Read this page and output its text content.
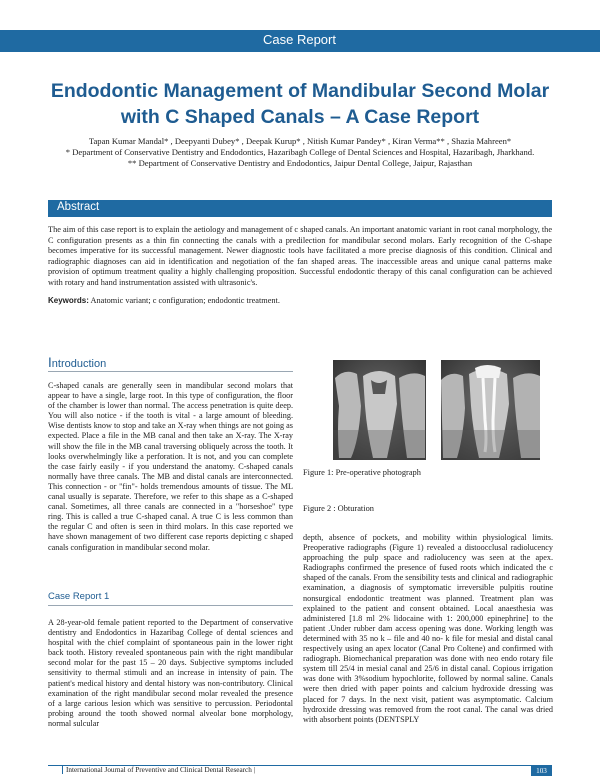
Case Report
Endodontic Management of Mandibular Second Molar with C Shaped Canals – A Case Report
Tapan Kumar Mandal* , Deepyanti Dubey* , Deepak Kurup* , Nitish Kumar Pandey* , Kiran Verma** , Shazia Mahreen*
* Department of Conservative Dentistry and Endodontics, Hazaribagh College of Dental Sciences and Hospital, Hazaribagh, Jharkhand.
** Department of Conservative Dentistry and Endodontics, Jaipur Dental College, Jaipur, Rajasthan
Abstract

The aim of this case report is to explain the aetiology and management of c shaped canals. An important anatomic variant in root canal morphology, the C configuration presents as a thin fin connecting the canals with a predilection for mandibular second molars. Early recognition of the C-shape becomes imperative for its successful management. Newer diagnostic tools have facilitated a more precise diagnosis of this condition. Clinical and radiographic diagnoses can aid in identification and negotiation of the fan shaped areas. The inaccessible areas and unique canal patterns make provision of optimum treatment quality a highly challenging proposition. Successful endodontic therapy of this canal configuration can be achieved with rotary and hand instrumentation assisted with ultrasonic's.

Keywords: Anatomic variant; c configuration; endodontic treatment.

Introduction

C-shaped canals are generally seen in mandibular second molars that appear to have a single, large root. In this type of configuration, the floor of the chamber is lower than normal. The access penetration is quite deep. You will also notice - if the tooth is vital - a large amount of bleeding. Wise dentists know to stop and take an X-ray when things are not going as expected. Place a file in the MB canal and then take an X-ray. The X-ray will show the file in the MB canal traversing obliquely across the tooth. It looks overwhelmingly like a perforation. It is not, and you can complete the case fairly easily - if you understand the anatomy. C-shaped canals normally have three canals. The MB and distal canals are interconnected. This connection - or "fin"- holds tremendous amounts of tissue. The ML canal usually is separate. Therefore, we refer to this shape as a C-shaped canal. Sometimes, all three canals are connected in a "horseshoe" type ring. This is called a true C-shaped canal. A true C is less common than the regular C and often is seen in third molars. In this case reported we have shown management of two different case reports depicting c shaped canals configuration in mandibular second molar.

Case Report 1

A 28-year-old female patient reported to the Department of conservative dentistry and Endodontics in Hazaribag College of dental sciences and hospital with the chief complaint of spontaneous pain in the lower right back tooth. History revealed spontaneous pain with the right mandibular second molar for the past 15 – 20 days. Subjective symptoms included sensitivity to thermal stimuli and an increase in intensity of pain. The patient's medical history and dental history was non-contributory. Clinical examination of the right mandibular second molar revealed the presence of a large carious lesion which was sensitive to percussion. Periodontal probing around the tooth showed normal alveolar bone morphology, normal sulcular

Figure 1: Pre-operative photograph
Figure 2 : Obturation

depth, absence of pockets, and mobility within physiological limits. Preoperative radiographs (Figure 1) revealed a distoocclusal radiolucency approaching the pulp space and radiolucency was seen at the apex. Radiographs confirmed the presence of fused roots which indicated the c shaped of the canals. From the sensibility tests and clinical and radiographic examination, a diagnosis of symptomatic irreversible pulpitis routine nonsurgical endodontic treatment was planned. Treatment plan was explained to the patient and consent obtained. Local anaesthesia was administered [1.8 ml 2% lidocaine with 1: 200,000 epinephrine] to the patient .Under rubber dam access opening was done. Working length was determined with 35 no k – file and 40 no- k file for mesial and distal canal respectively using an apex locator (Canal Pro Coltene) and confirmed with radiograph. Biomechanical preparation was done with neo endo rotary file system till 25/4 in mesial canal and 25/6 in distal canal. Copious irrigation was done with 3%sodium hypochlorite, followed by normal saline. Canals were then dried with paper points and calcium hydroxide dressing was placed for 7 days. In the next visit, patient was asymptomatic. Calcium hydroxide dressing was removed from the root canal. The canal was dried with absorbent points (DENTSPLY

International Journal of Preventive and Clinical Dental Research |	103
